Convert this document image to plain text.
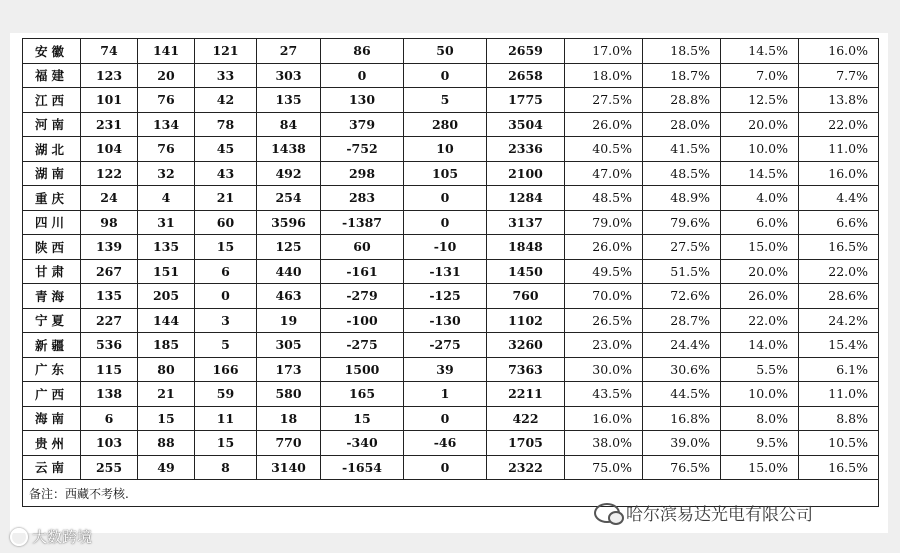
安徽	74	141	121	27	86	50	2659	17.0%	18.5%	14.5%	16.0%
福建	123	20	33	303	0	0	2658	18.0%	18.7%	7.0%	7.7%
江西	101	76	42	135	130	5	1775	27.5%	28.8%	12.5%	13.8%
河南	231	134	78	84	379	280	3504	26.0%	28.0%	20.0%	22.0%
湖北	104	76	45	1438	-752	10	2336	40.5%	41.5%	10.0%	11.0%
湖南	122	32	43	492	298	105	2100	47.0%	48.5%	14.5%	16.0%
重庆	24	4	21	254	283	0	1284	48.5%	48.9%	4.0%	4.4%
四川	98	31	60	3596	-1387	0	3137	79.0%	79.6%	6.0%	6.6%
陕西	139	135	15	125	60	-10	1848	26.0%	27.5%	15.0%	16.5%
甘肃	267	151	6	440	-161	-131	1450	49.5%	51.5%	20.0%	22.0%
青海	135	205	0	463	-279	-125	760	70.0%	72.6%	26.0%	28.6%
宁夏	227	144	3	19	-100	-130	1102	26.5%	28.7%	22.0%	24.2%
新疆	536	185	5	305	-275	-275	3260	23.0%	24.4%	14.0%	15.4%
广东	115	80	166	173	1500	39	7363	30.0%	30.6%	5.5%	6.1%
广西	138	21	59	580	165	1	2211	43.5%	44.5%	10.0%	11.0%
海南	6	15	11	18	15	0	422	16.0%	16.8%	8.0%	8.8%
贵州	103	88	15	770	-340	-46	1705	38.0%	39.0%	9.5%	10.5%
云南	255	49	8	3140	-1654	0	2322	75.0%	76.5%	15.0%	16.5%
备注：西藏不考核.											
哈尔滨易达光电有限公司
大数跨境
